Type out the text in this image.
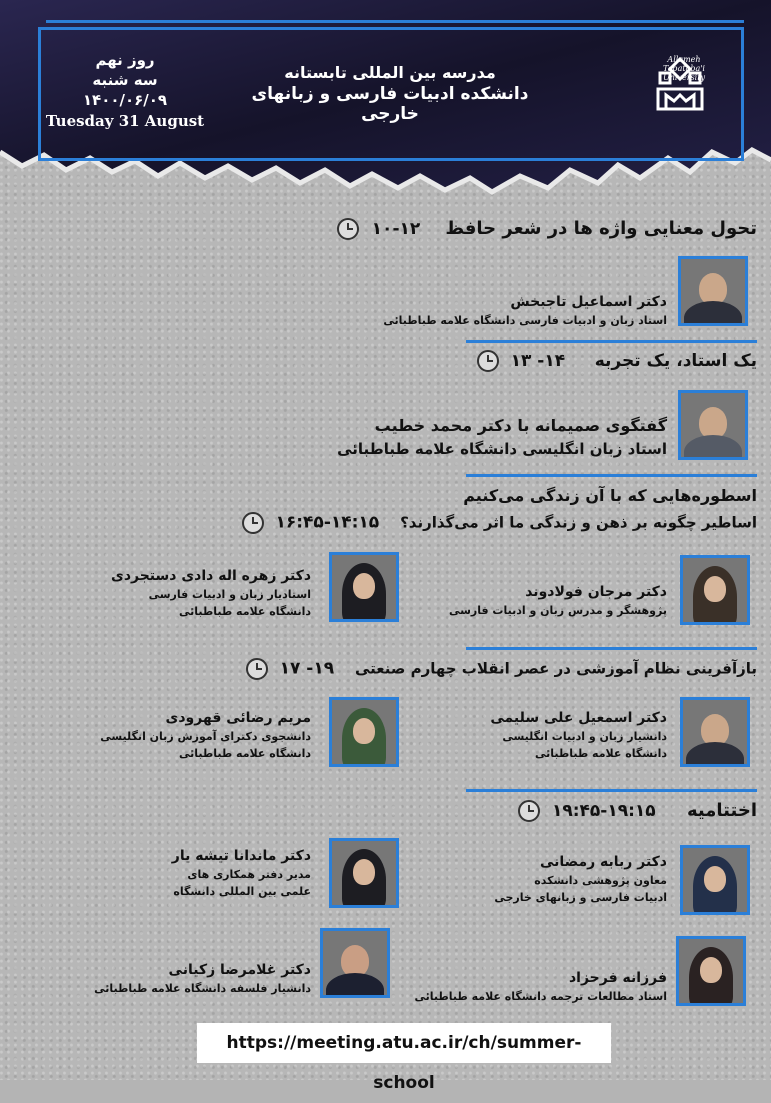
Allameh Tabataba'i
University
مدرسه بین المللی تابستانه
دانشکده ادبیات فارسی و زبانهای خارجی
روز نهم
سه شنبه
۱۴۰۰/۰۶/۰۹
Tuesday 31 August
تحول معنایی واژه ها در شعر حافظ    ۱۲-۱۰
دکتر اسماعیل تاجبخش
استاد زبان و ادبیات فارسی دانشگاه علامه طباطبائی
یک استاد، یک تجربه     ۱۴- ۱۳
گفتگوی صمیمانه با دکتر محمد خطیب
استاد زبان انگلیسی دانشگاه علامه طباطبائی
اسطوره‌هایی که با آن زندگی می‌کنیم
اساطیر چگونه بر ذهن و زندگی ما اثر می‌گذارند؟    ۱۴:۱۵-۱۶:۴۵
دکتر زهره اله دادی دستجردی
استادیار زبان و ادبیات فارسی
دانشگاه علامه طباطبائی
دکتر مرجان فولادوند
پژوهشگر و مدرس زبان و ادبیات فارسی
بازآفرینی نظام آموزشی در عصر انقلاب چهارم صنعتی    ۱۹- ۱۷
مریم رضائی قهرودی
دانشجوی دکترای آموزش زبان انگلیسی
دانشگاه علامه طباطبائی
دکتر اسمعیل علی سلیمی
دانشیار زبان و ادبیات انگلیسی
دانشگاه علامه طباطبائی
اختتامیه     ۱۹:۱۵-۱۹:۴۵
دکتر ماندانا تیشه یار
مدیر دفتر همکاری های
علمی بین المللی دانشگاه
دکتر ربابه رمضانی
معاون پژوهشی دانشکده
ادبیات فارسی و زبانهای خارجی
دکتر غلامرضا زکیانی
دانشیار فلسفه دانشگاه علامه طباطبائی
فرزانه فرحزاد
استاد مطالعات ترجمه دانشگاه علامه طباطبائی
https://meeting.atu.ac.ir/ch/summer-school
